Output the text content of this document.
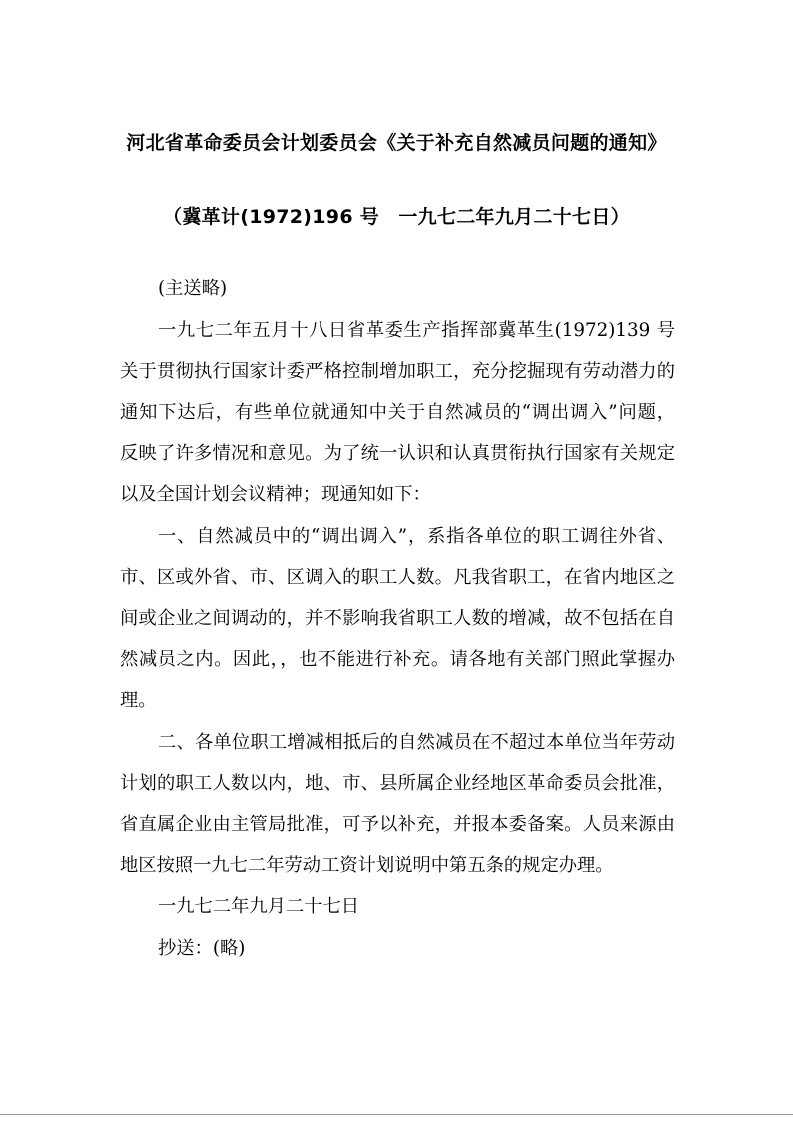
河北省革命委员会计划委员会《关于补充自然减员问题的通知》
（冀革计(1972)196 号　一九七二年九月二十七日）
(主送略)
一九七二年五月十八日省革委生产指挥部冀革生(1972)139 号
关于贯彻执行国家计委严格控制增加职工，充分挖掘现有劳动潜力的
通知下达后，有些单位就通知中关于自然减员的“调出调入”问题，
反映了许多情况和意见。为了统一认识和认真贯衔执行国家有关规定
以及全国计划会议精神；现通知如下：
一、自然减员中的“调出调入”，系指各单位的职工调往外省、
市、区或外省、市、区调入的职工人数。凡我省职工，在省内地区之
间或企业之间调动的，并不影响我省职工人数的增减，故不包括在自
然减员之内。因此，，也不能进行补充。请各地有关部门照此掌握办
理。
二、各单位职工增减相抵后的自然减员在不超过本单位当年劳动
计划的职工人数以内，地、市、县所属企业经地区革命委员会批准，
省直属企业由主管局批准，可予以补充，并报本委备案。人员来源由
地区按照一九七二年劳动工资计划说明中第五条的规定办理。
一九七二年九月二十七日
抄送：(略)
